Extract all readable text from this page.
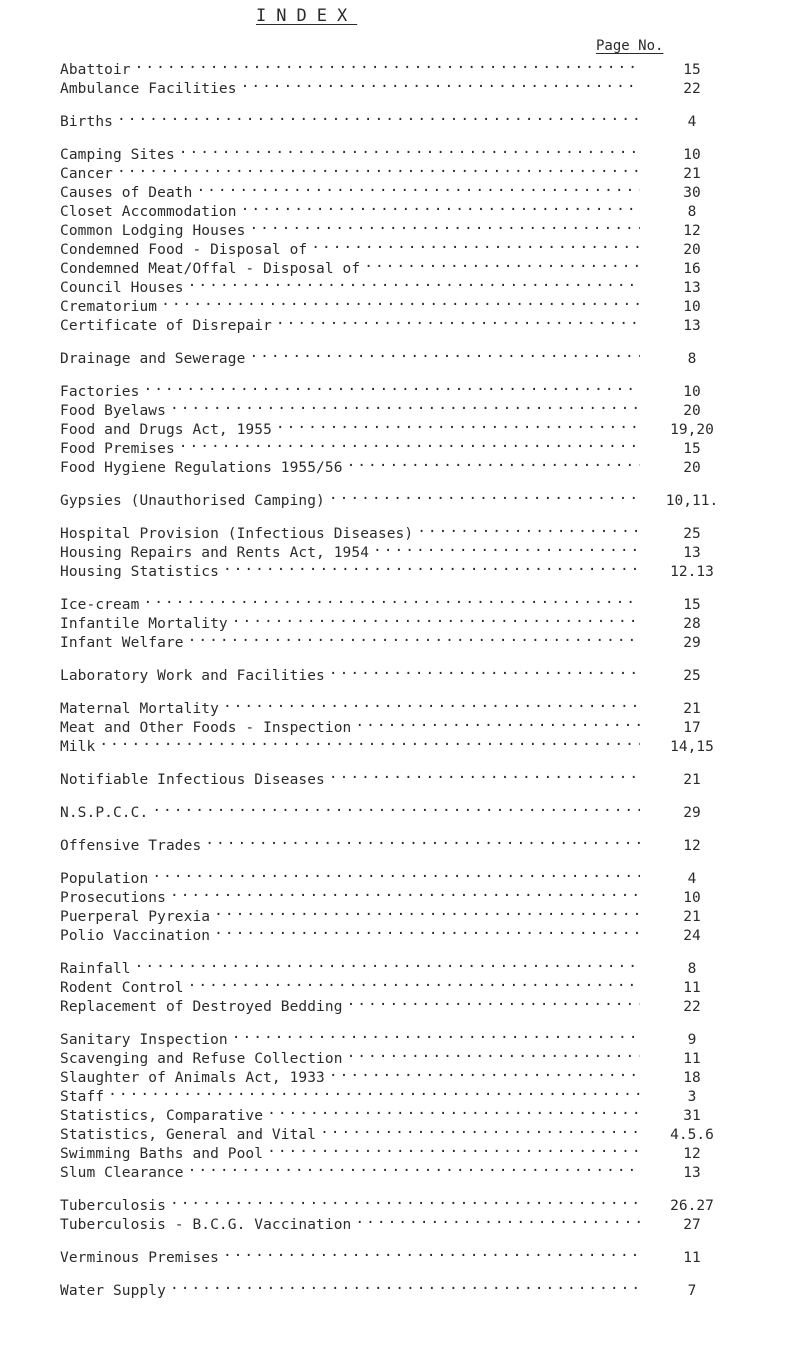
INDEX
Page No.
Abattoir .....	15
Ambulance Facilities .....	22
Births .....	4
Camping Sites .....	10
Cancer .....	21
Causes of Death .....	30
Closet Accommodation .....	8
Common Lodging Houses .....	12
Condemned Food - Disposal of .....	20
Condemned Meat/Offal - Disposal of .....	16
Council Houses .....	13
Crematorium .....	10
Certificate of Disrepair .....	13
Drainage and Sewerage .....	8
Factories .....	10
Food Byelaws .....	20
Food and Drugs Act, 1955 .....	19,20
Food Premises .....	15
Food Hygiene Regulations 1955/56 .....	20
Gypsies (Unauthorised Camping) .....	10,11.
Hospital Provision (Infectious Diseases) .....	25
Housing Repairs and Rents Act, 1954 .....	13
Housing Statistics .....	12.13
Ice-cream .....	15
Infantile Mortality .....	28
Infant Welfare .....	29
Laboratory Work and Facilities .....	25
Maternal Mortality .....	21
Meat and Other Foods - Inspection .....	17
Milk .....	14,15
Notifiable Infectious Diseases .....	21
N.S.P.C.C. .....	29
Offensive Trades .....	12
Population .....	4
Prosecutions .....	10
Puerperal Pyrexia .....	21
Polio Vaccination .....	24
Rainfall .....	8
Rodent Control .....	11
Replacement of Destroyed Bedding .....	22
Sanitary Inspection .....	9
Scavenging and Refuse Collection .....	11
Slaughter of Animals Act, 1933 .....	18
Staff .....	3
Statistics, Comparative .....	31
Statistics, General and Vital .....	4.5.6
Swimming Baths and Pool .....	12
Slum Clearance .....	13
Tuberculosis .....	26.27
Tuberculosis - B.C.G. Vaccination .....	27
Verminous Premises .....	11
Water Supply .....	7
